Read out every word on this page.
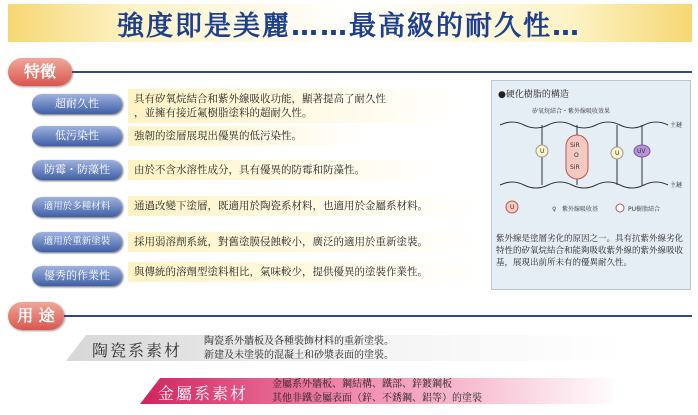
強度即是美麗……最高級的耐久性…
特徵
超耐久性	具有矽氧烷結合和紫外線吸收功能，顯著提高了耐久性
，並擁有接近氟樹脂塗料的超耐久性。
低污染性	強韌的塗層展現出優異的低污染性。
防霉・防藻性	由於不含水溶性成分，具有優異的防霉和防藻性。
適用於多種材料	通過改變下塗層，既適用於陶瓷系材料，也適用於金屬系材料。
適用於重新塗裝	採用弱溶劑系統，對舊塗膜侵蝕較小，廣泛的適用於重新塗裝。
優秀的作業性	與傳統的溶劑型塗料相比，氣味較少，提供優異的塗裝作業性。
●硬化樹脂的構造
矽氧烷結合・紫外線吸收效果
主鏈
主鏈
SiR
O
SiR
U	U	UV
U	♀ 紫外線吸收基	PU樹脂結合
紫外線是塗層劣化的原因之一。具有抗紫外線劣化特性的矽氧烷結合和能夠吸收紫外線的紫外線吸收基，展現出前所未有的優異耐久性。
用 途
陶瓷系素材 陶瓷系外牆板及各種裝飾材料的重新塗裝。
新建及未塗裝的混凝土和砂漿表面的塗裝。
金屬系素材 金屬系外牆板、鋼結構、鐵部、鋅鍍鋼板
其他非鐵金屬表面（鋅、不銹鋼、鋁等）的塗裝
